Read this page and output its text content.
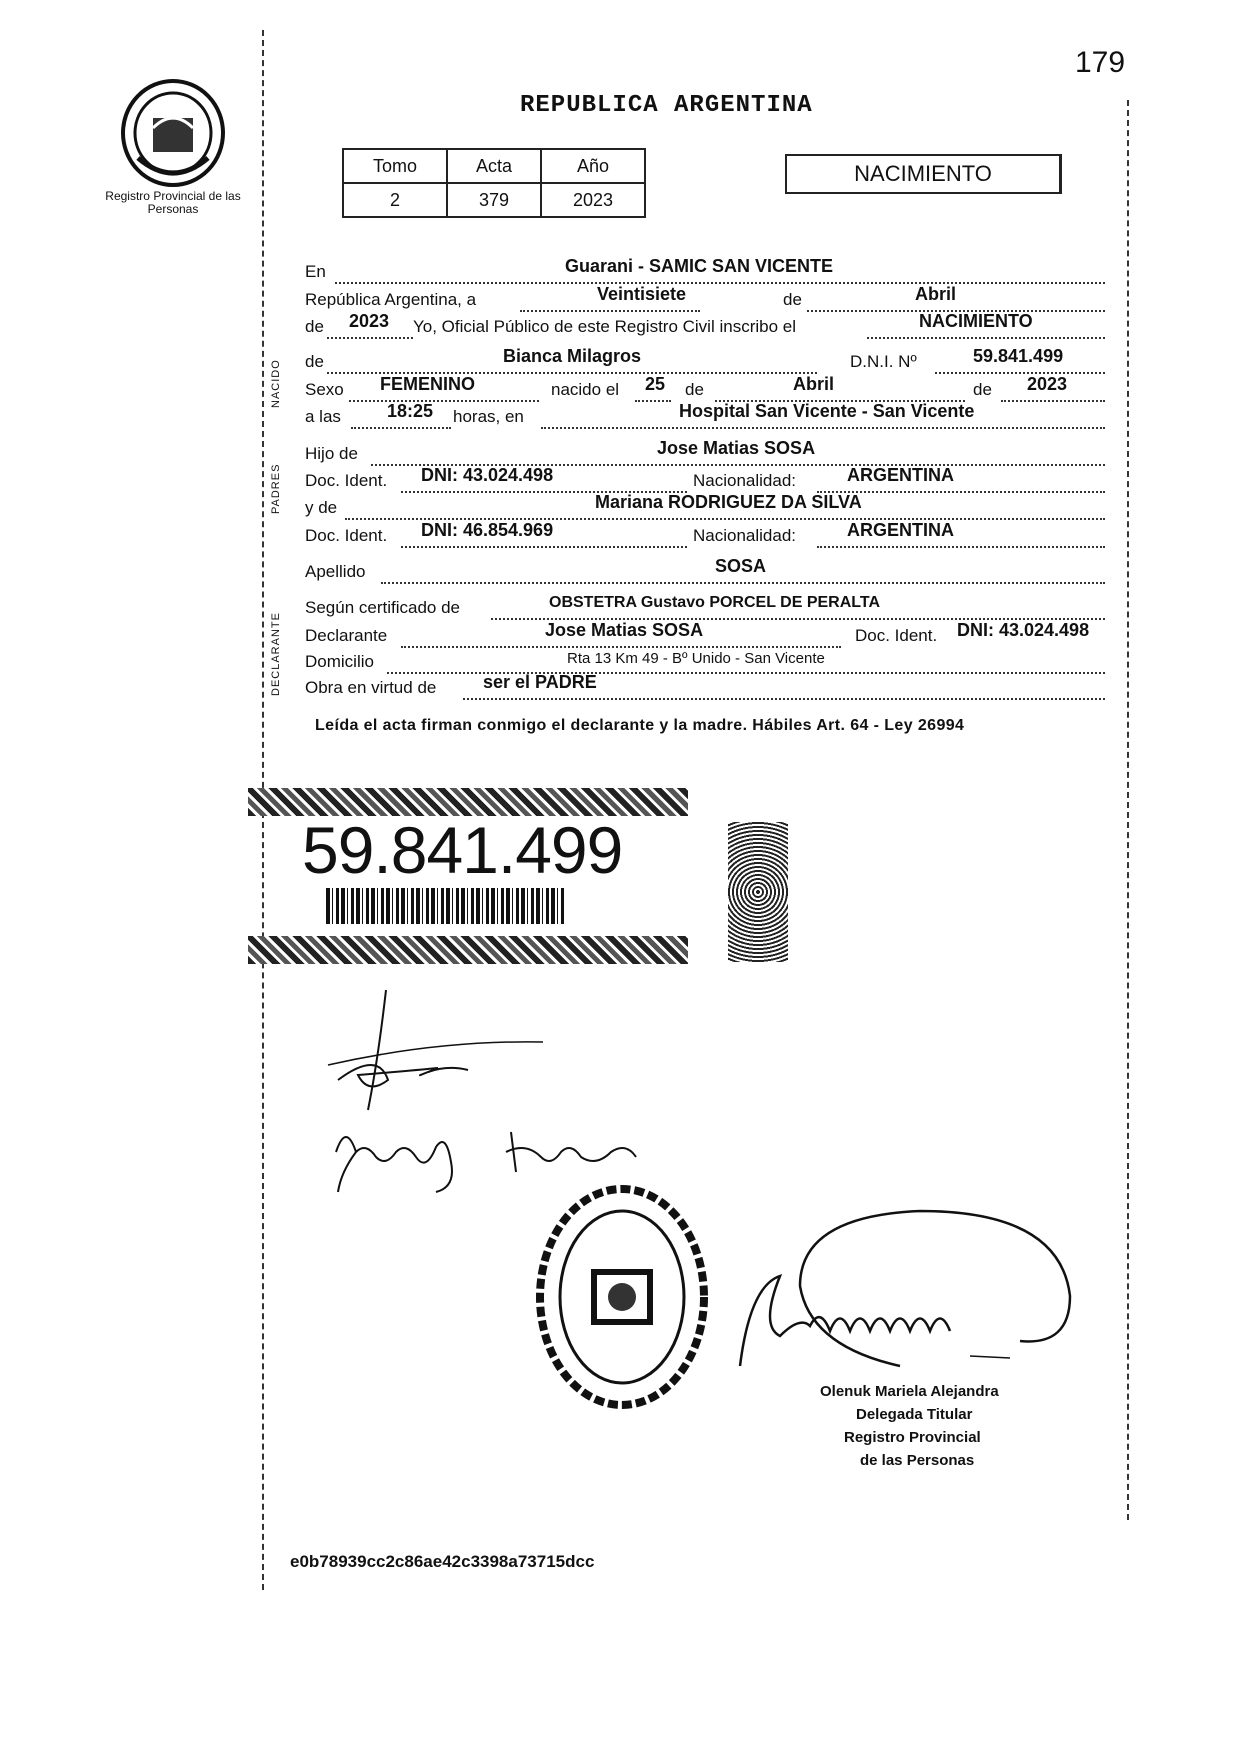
Registro Provincial de las Personas
179
REPUBLICA ARGENTINA
Tomo	Acta	Año
2	379	2023
NACIMIENTO
NACIDO
PADRES
DECLARANTE
En	Guarani - SAMIC SAN VICENTE
República Argentina, a	Veintisiete	de	Abril
de 2023 Yo, Oficial Público de este Registro Civil inscribo el	NACIMIENTO
de	Bianca Milagros	D.N.I. Nº	59.841.499
Sexo FEMENINO	nacido el 25 de	Abril	de 2023
a las	18:25 horas, en	Hospital San Vicente - San Vicente
Hijo de	Jose Matias SOSA
Doc. Ident. DNI: 43.024.498	Nacionalidad:	ARGENTINA
y de	Mariana RODRIGUEZ DA SILVA
Doc. Ident. DNI: 46.854.969	Nacionalidad:	ARGENTINA
Apellido	SOSA
Según certificado de	OBSTETRA Gustavo PORCEL DE PERALTA
Declarante	Jose Matias SOSA	Doc. Ident. DNI: 43.024.498
Domicilio	Rta 13 Km 49 - Bº Unido - San Vicente
Obra en virtud de	ser el PADRE
Leída el acta firman conmigo el declarante y la madre. Hábiles Art. 64 - Ley 26994
59.841.499
Olenuk Mariela Alejandra
Delegada Titular
Registro Provincial
de las Personas
e0b78939cc2c86ae42c3398a73715dcc
